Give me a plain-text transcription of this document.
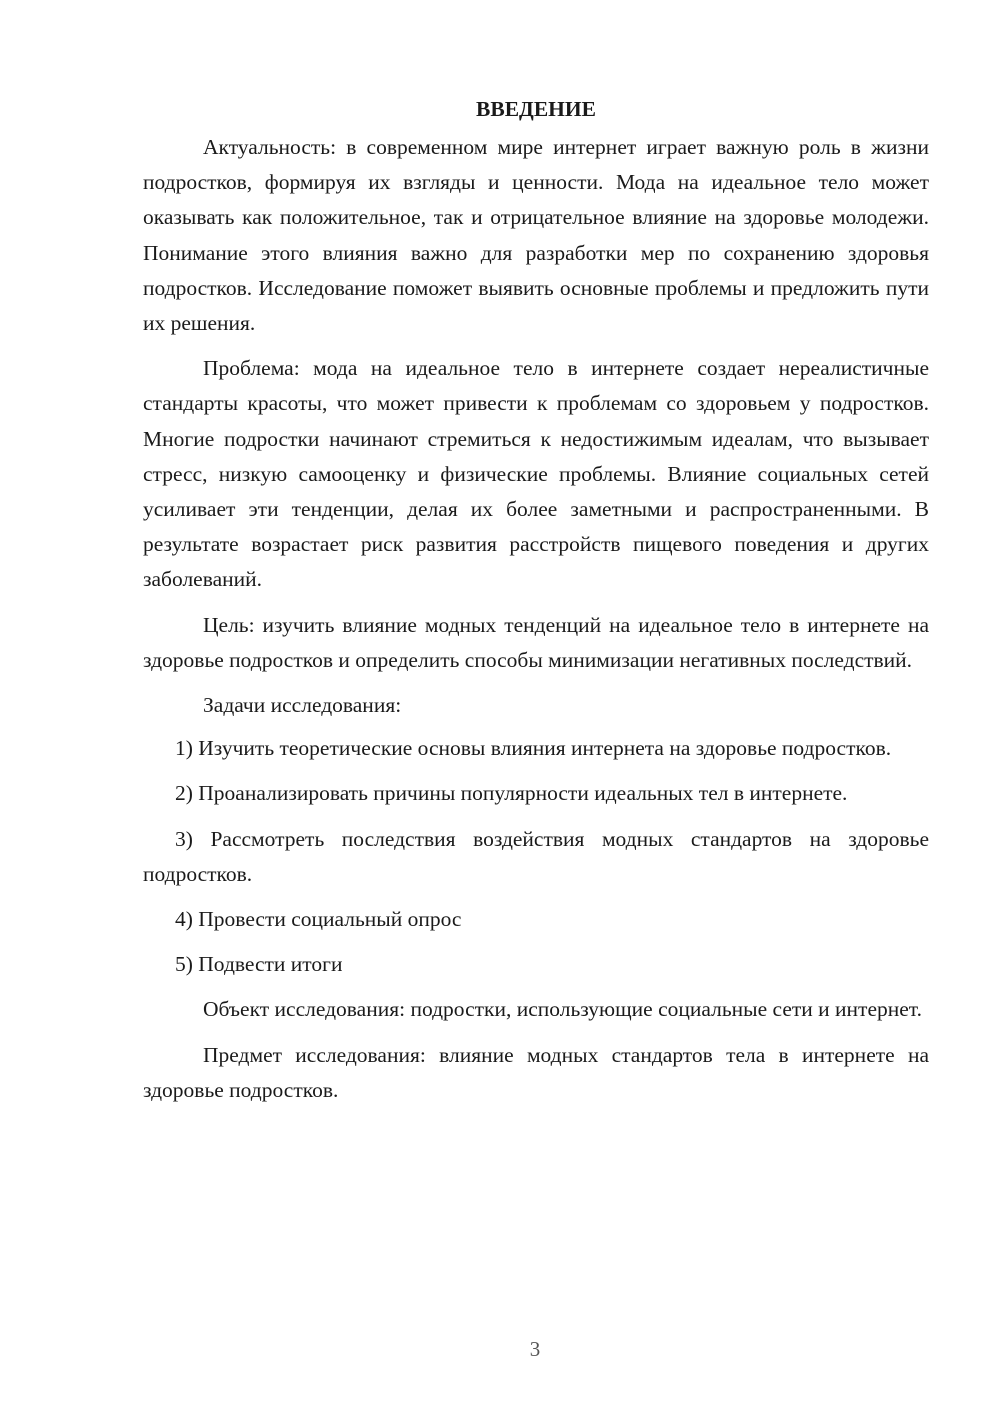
ВВЕДЕНИЕ

Актуальность: в современном мире интернет играет важную роль в жизни подростков, формируя их взгляды и ценности. Мода на идеальное тело может оказывать как положительное, так и отрицательное влияние на здоровье молодежи. Понимание этого влияния важно для разработки мер по сохранению здоровья подростков. Исследование поможет выявить основные проблемы и предложить пути их решения.

Проблема: мода на идеальное тело в интернете создает нереалистичные стандарты красоты, что может привести к проблемам со здоровьем у подростков. Многие подростки начинают стремиться к недостижимым идеалам, что вызывает стресс, низкую самооценку и физические проблемы. Влияние социальных сетей усиливает эти тенденции, делая их более заметными и распространенными. В результате возрастает риск развития расстройств пищевого поведения и других заболеваний.

Цель: изучить влияние модных тенденций на идеальное тело в интернете на здоровье подростков и определить способы минимизации негативных последствий.

Задачи исследования:

1) Изучить теоретические основы влияния интернета на здоровье подростков.

2) Проанализировать причины популярности идеальных тел в интернете.

3) Рассмотреть последствия воздействия модных стандартов на здоровье подростков.

4) Провести социальный опрос

5) Подвести итоги

Объект исследования: подростки, использующие социальные сети и интернет.

Предмет исследования: влияние модных стандартов тела в интернете на здоровье подростков.

3
